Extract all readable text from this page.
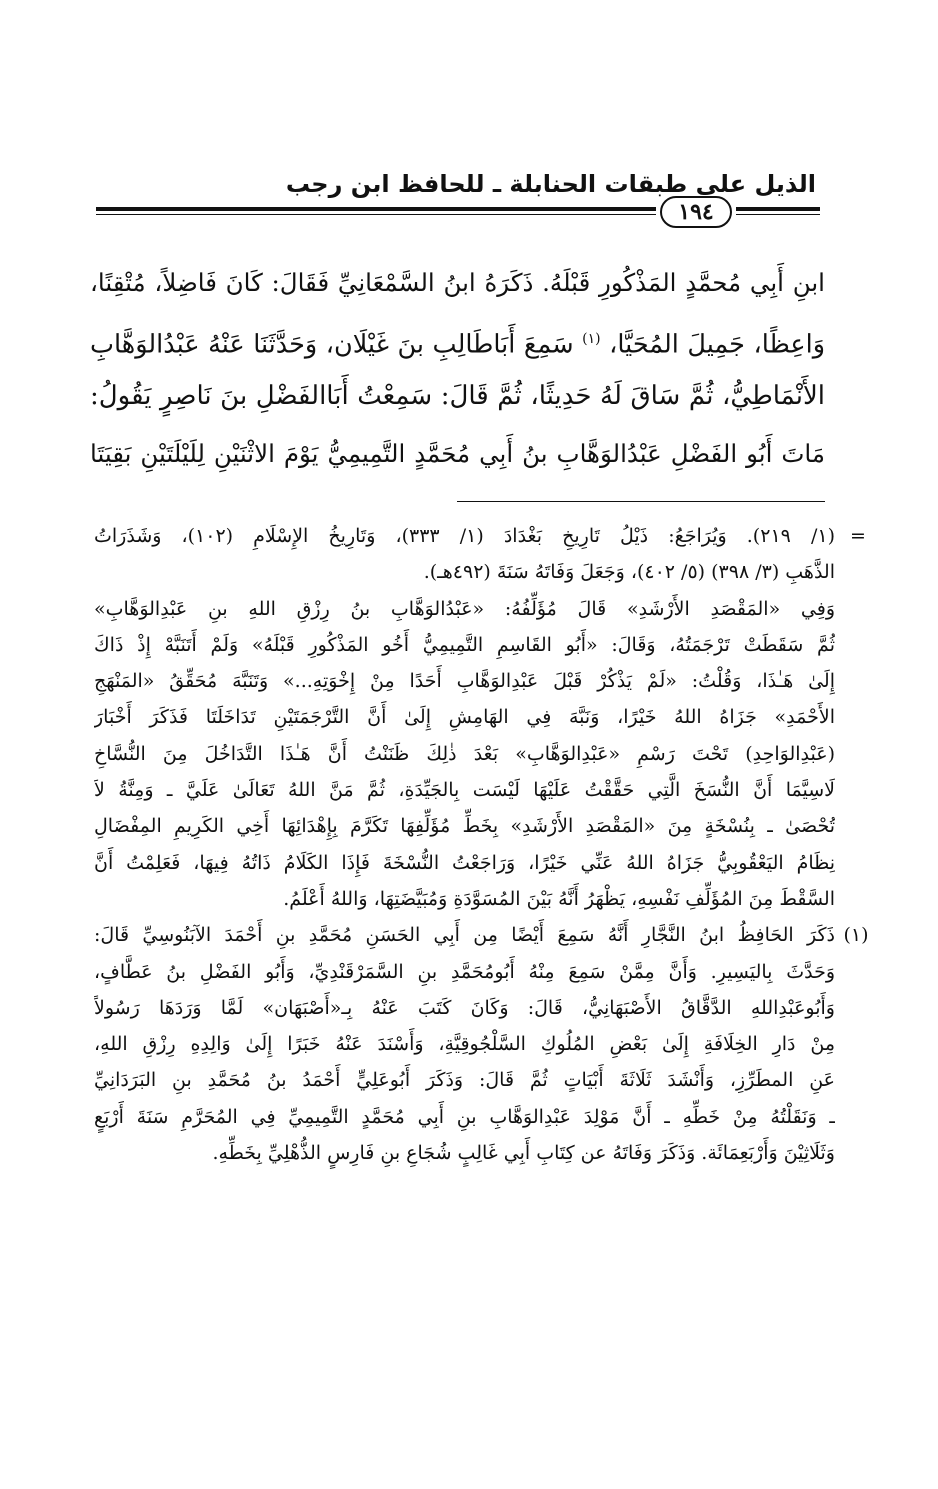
الذيل على طبقات الحنابلة ـ للحافظ ابن رجب
١٩٤
ابنِ أَبِي مُحمَّدٍ المَذْكُورِ قَبْلَهُ. ذَكَرَهُ ابنُ السَّمْعَانِيِّ فَقَالَ: كَانَ فَاضِلاً، مُتْقِنًا،
وَاعِظًا، جَمِيلَ المُحَيَّا، $^{(١)}$ سَمِعَ أَبَاطَالِبِ بنَ غَيْلَان، وَحَدَّثَنَا عَنْهُ عَبْدُالوَهَّابِ
الأَنْمَاطِيُّ، ثُمَّ سَاقَ لَهُ حَدِيثًا، ثُمَّ قَالَ: سَمِعْتُ أَبَاالفَضْلِ بنَ نَاصِرٍ يَقُولُ:
مَاتَ أَبُو الفَضْلِ عَبْدُالوَهَّابِ بنُ أَبِي مُحَمَّدٍ التَّمِيمِيُّ يَوْمَ الاثْنَيْنِ لِلَيْلَتَيْنِ بَقِيَتَا
=
(١/ ٢١٩). وَيُرَاجَعُ: ذَيْلُ تَارِيخِ بَغْدَادَ (١/ ٣٣٣)، وَتَارِيخُ الإِسْلَامِ (١٠٢)، وَشَذَرَاتُ
الذَّهَبِ (٣/ ٣٩٨) (٥/ ٤٠٢)، وَجَعَلَ وَفَاتَهُ سَنَةَ (٤٩٢هـ).
وَفِي «المَقْصَدِ الأَرْشَدِ» قَالَ مُؤَلِّفُهُ: «عَبْدُالوَهَّابِ بنُ رِزْقِ اللهِ بنِ عَبْدِالوَهَّابِ»
ثُمَّ سَقَطَتْ تَرْجَمَتُهُ، وَقَالَ: «أَبُو القَاسِمِ التَّمِيمِيُّ أَخُو المَذْكُورِ قَبْلَهُ» وَلَمْ أَتَنَبَّهْ إِذْ ذَاكَ
إِلَىٰ هَـٰذَا، وَقُلْتُ: «لَمْ يَذْكُرْ قَبْلَ عَبْدِالوَهَّابِ أَحَدًا مِنْ إِخْوَتِهِ...» وَتَنَبَّهَ مُحَقِّقُ «المَنْهَجِ
الأَحْمَدِ» جَزَاهُ اللهُ خَيْرًا، وَنَبَّهَ فِي الهَامِشِ إِلَىٰ أَنَّ التَّرْجَمَتَيْنِ تَدَاخَلَتَا فَذَكَرَ أَخْبَارَ
(عَبْدِالوَاحِدِ) تَحْتَ رَسْمِ «عَبْدِالوَهَّابِ» بَعْدَ ذٰلِكَ ظَنَنْتُ أَنَّ هَـٰذَا التَّدَاخُلَ مِنَ النُّسَّاخِ
لَاسِيَّمَا أَنَّ النُّسَخَ الَّتِي حَقَّقْتُ عَلَيْهَا لَيْسَت بِالجَيِّدَةِ، ثُمَّ مَنَّ اللهُ تَعَالَىٰ عَلَيَّ ـ وَمِنَّةُ لاَ
تُحْصَىٰ ـ بِنُسْخَةٍ مِنَ «المَقْصَدِ الأَرْشَدِ» بِخَطِّ مُؤَلِّفِهَا تَكَرَّمَ بِإِهْدَائِهَا أَخِي الكَرِيمِ المِفْضَالِ
نِظَامُ اليَعْقُوبِيُّ جَزَاهُ اللهُ عَنِّي خَيْرًا، وَرَاجَعْتُ النُّسْخَةَ فَإِذَا الكَلَامُ ذَاتُهُ فِيهَا، فَعَلِمْتُ أَنَّ
السَّقْطَ مِنَ المُؤَلِّفِ نَفْسِهِ، يَظْهَرُ أَنَّهُ بَيْنَ المُسَوَّدَةِ وَمُبَيَّضَتِهَا، وَاللهُ أَعْلَمُ.
(١)
ذَكَرَ الحَافِظُ ابنُ النَّجَّارِ أَنَّهُ سَمِعَ أَيْضًا مِن أَبِي الحَسَنِ مُحَمَّدِ بنِ أَحْمَدَ الآبَنُوسِيِّ قَالَ:
وَحَدَّثَ بِاليَسِيرِ. وَأَنَّ مِمَّنْ سَمِعَ مِنْهُ أَبُومُحَمَّدِ بنِ السَّمَرْقَنْدِيِّ، وَأَبُو الفَضْلِ بنُ عَطَّافٍ،
وَأَبُوعَبْدِاللهِ الدَّقَّاقُ الأَصْبَهَانِيُّ، قَالَ: وَكَانَ كَتَبَ عَنْهُ بِـ«أَصْبَهَان» لَمَّا وَرَدَهَا رَسُولاً
مِنْ دَارِ الخِلَافَةِ إِلَىٰ بَعْضِ المُلُوكِ السَّلْجُوقِيَّةِ، وَأَسْنَدَ عَنْهُ خَبَرًا إِلَىٰ وَالِدِهِ رِزْقِ اللهِ،
عَنِ المطَرِّزِ، وَأَنْشَدَ ثَلَاثَةَ أَبْيَاتٍ ثُمَّ قَالَ: وَذَكَرَ أَبُوعَلِيٍّ أَحْمَدُ بنُ مُحَمَّدِ بنِ البَرَدَانِيِّ
ـ وَنَقَلْتُهُ مِنْ خَطِّهِ ـ أَنَّ مَوْلِدَ عَبْدِالوَهَّابِ بنِ أَبِي مُحَمَّدٍ التَّمِيمِيِّ فِي المُحَرَّمِ سَنَةَ أَرْبَعٍ
وَثَلَاثِيْنَ وَأَرْبَعِمَائَة. وَذَكَرَ وَفَاتَهُ عن كِتَابِ أَبِي غَالِبٍ شُجَاعِ بنِ فَارِسٍ الذُّهْلِيِّ بِخَطِّهِ.
